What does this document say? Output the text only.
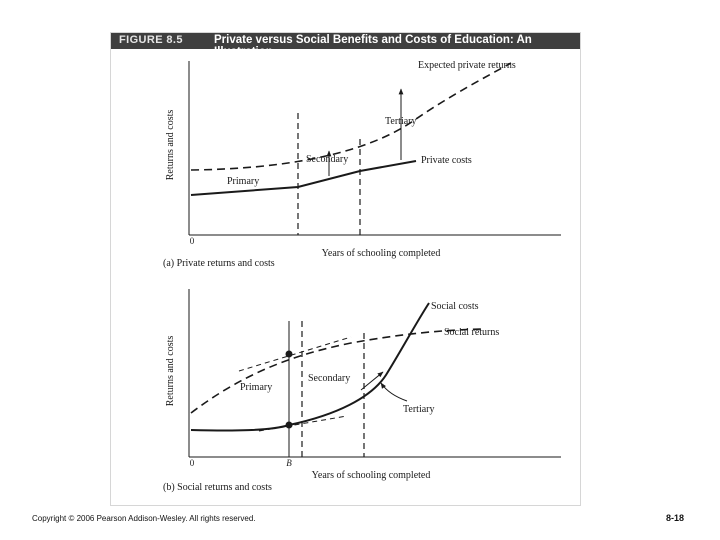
FIGURE 8.5	Private versus Social Benefits and Costs of Education: An Illustration
Returns and costs
0
Years of schooling completed
(a) Private returns and costs
Expected private returns
Tertiary
Secondary	Private costs
Primary
Returns and costs
0	B
Years of schooling completed
(b) Social returns and costs
Social costs
Social returns
Secondary
Primary
Tertiary
Copyright © 2006 Pearson Addison-Wesley. All rights reserved.	8-18
